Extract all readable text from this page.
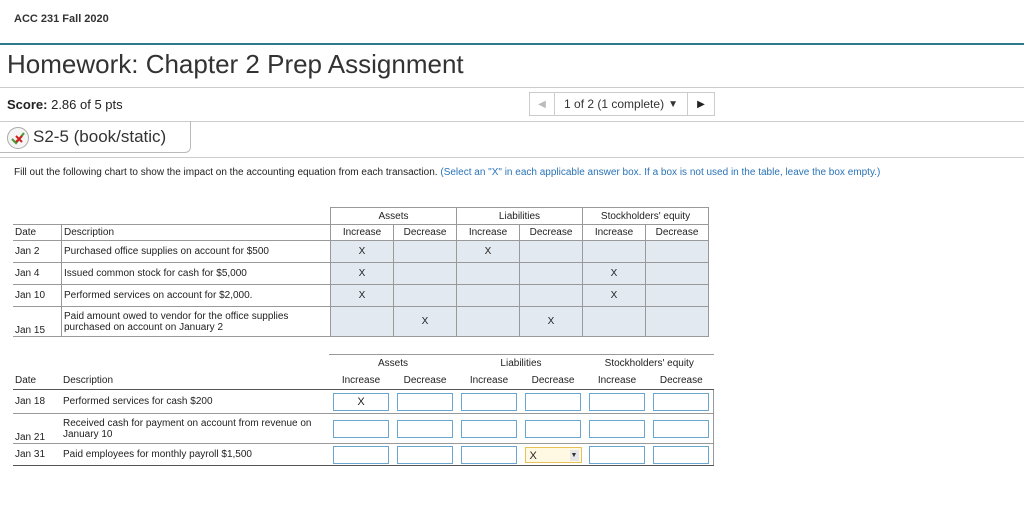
ACC 231 Fall 2020
Homework: Chapter 2 Prep Assignment
Score: 2.86 of 5 pts	◀ 1 of 2 (1 complete) ▼ ▶
S2-5 (book/static)
Fill out the following chart to show the impact on the accounting equation from each transaction. (Select an "X" in each applicable answer box. If a box is not used in the table, leave the box empty.)
		Assets		Liabilities		Stockholders' equity	
Date	Description	Increase	Decrease	Increase	Decrease	Increase	Decrease
Jan 2	Purchased office supplies on account for $500	X		X			
Jan 4	Issued common stock for cash for $5,000	X				X	
Jan 10	Performed services on account for $2,000.	X				X	
Jan 15	Paid amount owed to vendor for the office supplies purchased on account on January 2		X		X		
		Assets		Liabilities		Stockholders' equity	
Date	Description	Increase	Decrease	Increase	Decrease	Increase	Decrease
Jan 18	Performed services for cash $200	X					

Jan 21	Received cash for payment on account from revenue on January 10	

Jan 31	Paid employees for monthly payroll $1,500				X ▼		
